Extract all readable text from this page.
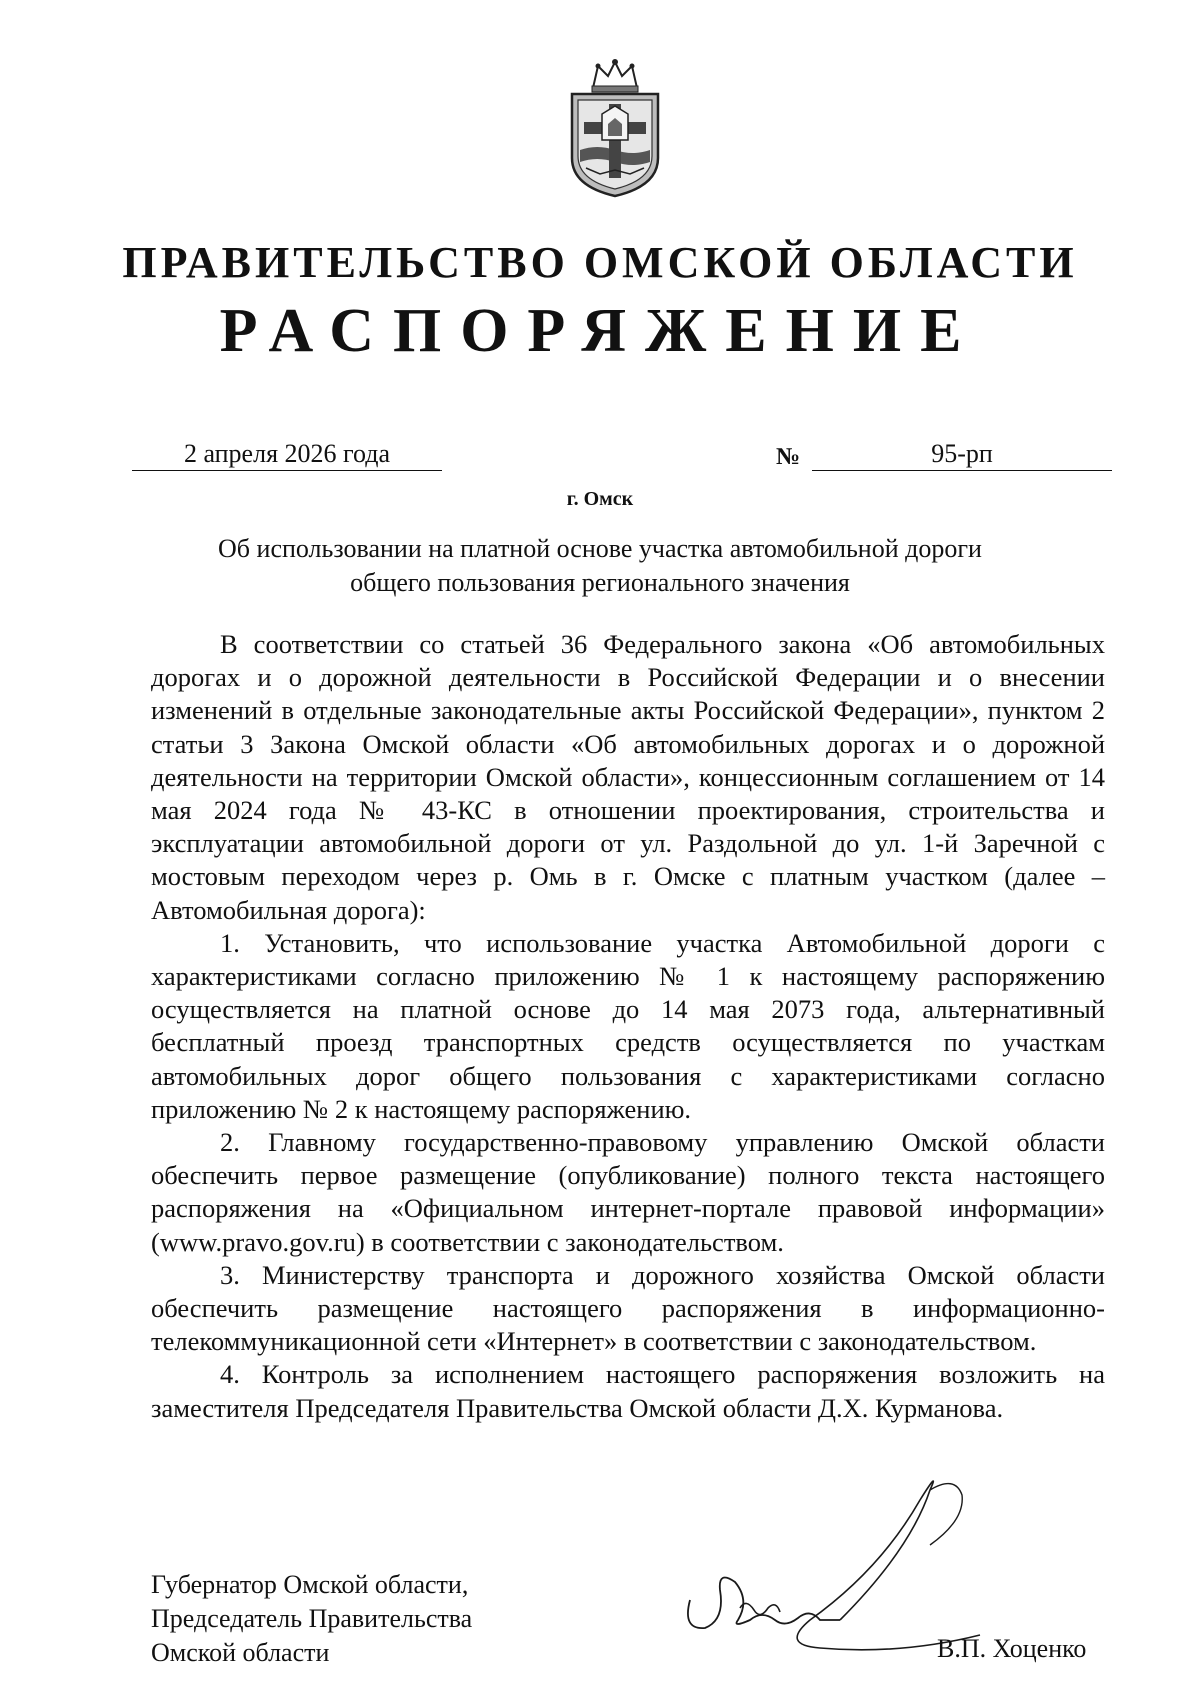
ПРАВИТЕЛЬСТВО ОМСКОЙ ОБЛАСТИ
РАСПОРЯЖЕНИЕ
2 апреля 2026 года	№	95-рп
г. Омск
Об использовании на платной основе участка автомобильной дороги
общего пользования регионального значения

В соответствии со статьей 36 Федерального закона «Об автомобильных дорогах и о дорожной деятельности в Российской Федерации и о внесении изменений в отдельные законодательные акты Российской Федерации», пунктом 2 статьи 3 Закона Омской области «Об автомобильных дорогах и о дорожной деятельности на территории Омской области», концессионным соглашением от 14 мая 2024 года № 43-КС в отношении проектирования, строительства и эксплуатации автомобильной дороги от ул. Раздольной до ул. 1-й Заречной с мостовым переходом через р. Омь в г. Омске с платным участком (далее – Автомобильная дорога):

1. Установить, что использование участка Автомобильной дороги с характеристиками согласно приложению № 1 к настоящему распоряжению осуществляется на платной основе до 14 мая 2073 года, альтернативный бесплатный проезд транспортных средств осуществляется по участкам автомобильных дорог общего пользования с характеристиками согласно приложению № 2 к настоящему распоряжению.

2. Главному государственно-правовому управлению Омской области обеспечить первое размещение (опубликование) полного текста настоящего распоряжения на «Официальном интернет-портале правовой информации» (www.pravo.gov.ru) в соответствии с законодательством.

3. Министерству транспорта и дорожного хозяйства Омской области обеспечить размещение настоящего распоряжения в информационно-телекоммуникационной сети «Интернет» в соответствии с законодательством.

4. Контроль за исполнением настоящего распоряжения возложить на заместителя Председателя Правительства Омской области Д.Х. Курманова.

Губернатор Омской области,
Председатель Правительства
Омской области	В.П. Хоценко
